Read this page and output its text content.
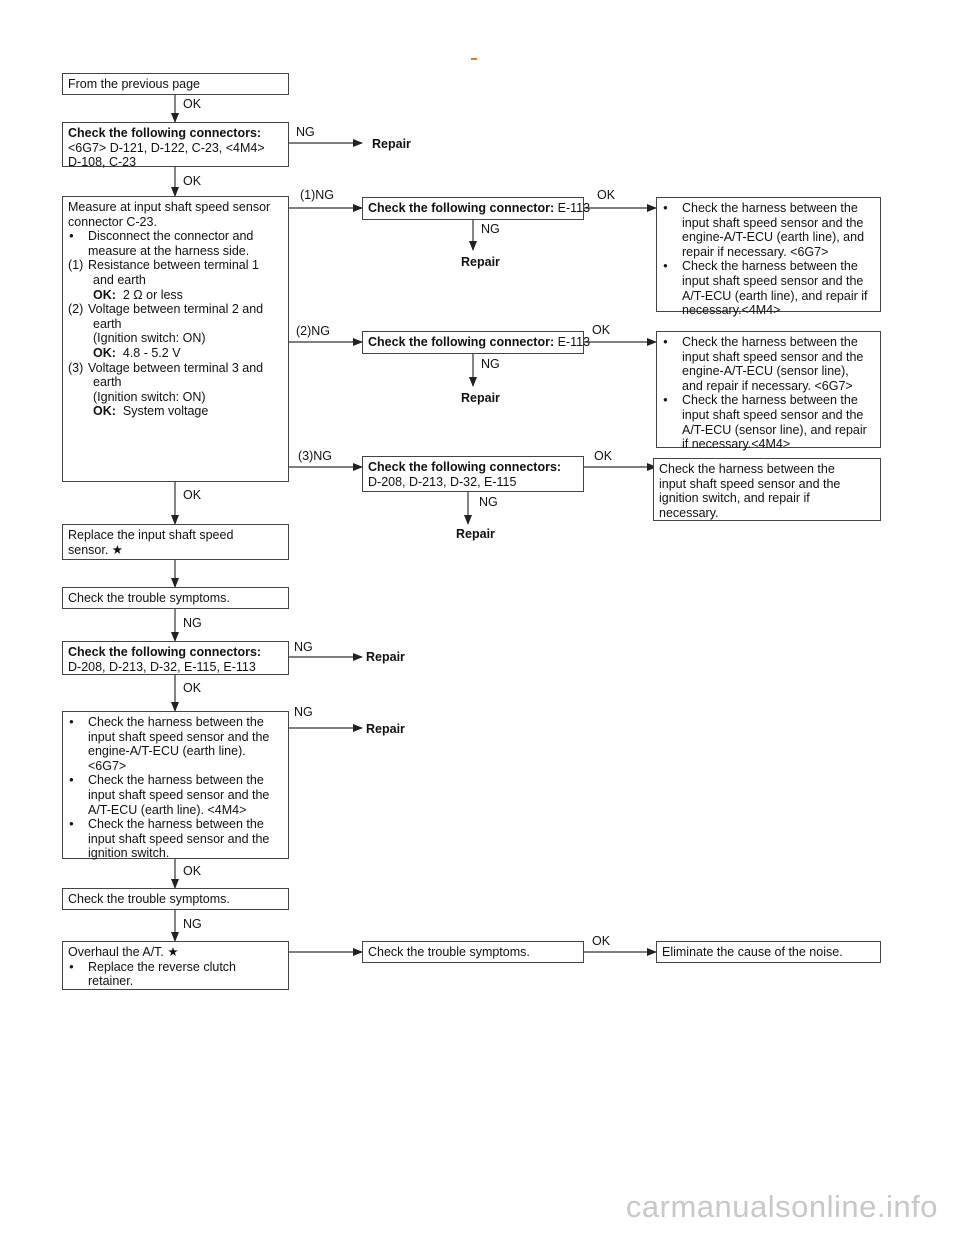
From the previous page
OK
Check the following connectors:
<6G7> D-121, D-122, C-23, <4M4>
D-108, C-23
NG
Repair
OK
Measure at input shaft speed sensor
connector C-23.
● Disconnect the connector and
measure at the harness side.
(1) Resistance between terminal 1
and earth
OK: 2 Ω or less
(2) Voltage between terminal 2 and
earth
(Ignition switch: ON)
OK: 4.8 - 5.2 V
(3) Voltage between terminal 3 and
earth
(Ignition switch: ON)
OK: System voltage
(1)NG
(2)NG
(3)NG
Check the following connector: E-113
OK
NG
Repair
● Check the harness between the
input shaft speed sensor and the
engine-A/T-ECU (earth line), and
repair if necessary. <6G7>
● Check the harness between the
input shaft speed sensor and the
A/T-ECU (earth line), and repair if
necessary.<4M4>
Check the following connector: E-113
OK
NG
Repair
● Check the harness between the
input shaft speed sensor and the
engine-A/T-ECU (sensor line),
and repair if necessary. <6G7>
● Check the harness between the
input shaft speed sensor and the
A/T-ECU (sensor line), and repair
if necessary.<4M4>
Check the following connectors:
D-208, D-213, D-32, E-115
OK
NG
Repair
Check the harness between the
input shaft speed sensor and the
ignition switch, and repair if
necessary.
OK
Replace the input shaft speed
sensor. ★
Check the trouble symptoms.
NG
Check the following connectors:
D-208, D-213, D-32, E-115, E-113
NG
Repair
OK
● Check the harness between the
input shaft speed sensor and the
engine-A/T-ECU (earth line).
<6G7>
● Check the harness between the
input shaft speed sensor and the
A/T-ECU (earth line). <4M4>
● Check the harness between the
input shaft speed sensor and the
ignition switch.
NG
Repair
OK
Check the trouble symptoms.
NG
Overhaul the A/T. ★
● Replace the reverse clutch
retainer.
Check the trouble symptoms.
OK
Eliminate the cause of the noise.
carmanualsonline.info
